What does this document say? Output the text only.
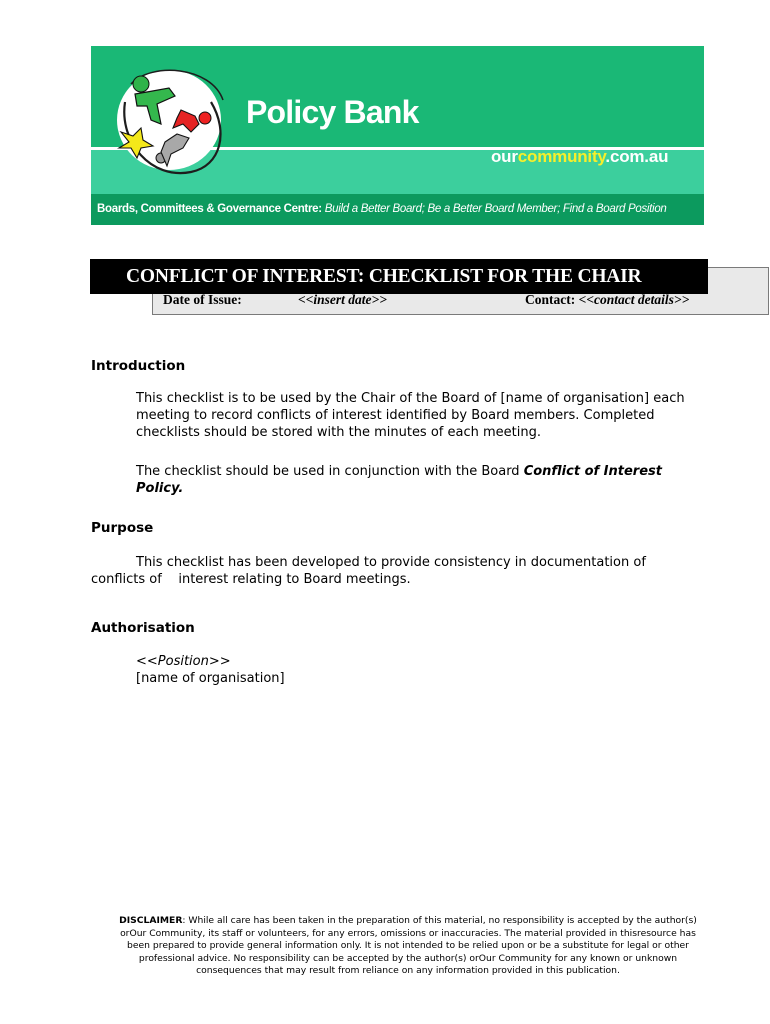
Policy Bank
ourcommunity.com.au
Boards, Committees & Governance Centre: Build a Better Board; Be a Better Board Member; Find a Board Position
CONFLICT OF INTEREST: CHECKLIST FOR THE CHAIR
Date of Issue:	<<insert date>>	Contact: <<contact details>>
Introduction
This checklist is to be used by the Chair of the Board of [name of organisation] each
meeting to record conflicts of interest identified by Board members. Completed
checklists should be stored with the minutes of each meeting.
The checklist should be used in conjunction with the Board Conflict of Interest
Policy.
Purpose
This checklist has been developed to provide consistency in documentation of
conflicts of    interest relating to Board meetings.
Authorisation
<<Position>>
[name of organisation]
DISCLAIMER: While all care has been taken in the preparation of this material, no responsibility is accepted by the author(s)
orOur Community, its staff or volunteers, for any errors, omissions or inaccuracies. The material provided in thisresource has
been prepared to provide general information only. It is not intended to be relied upon or be a substitute for legal or other
professional advice. No responsibility can be accepted by the author(s) orOur Community for any known or unknown
consequences that may result from reliance on any information provided in this publication.
